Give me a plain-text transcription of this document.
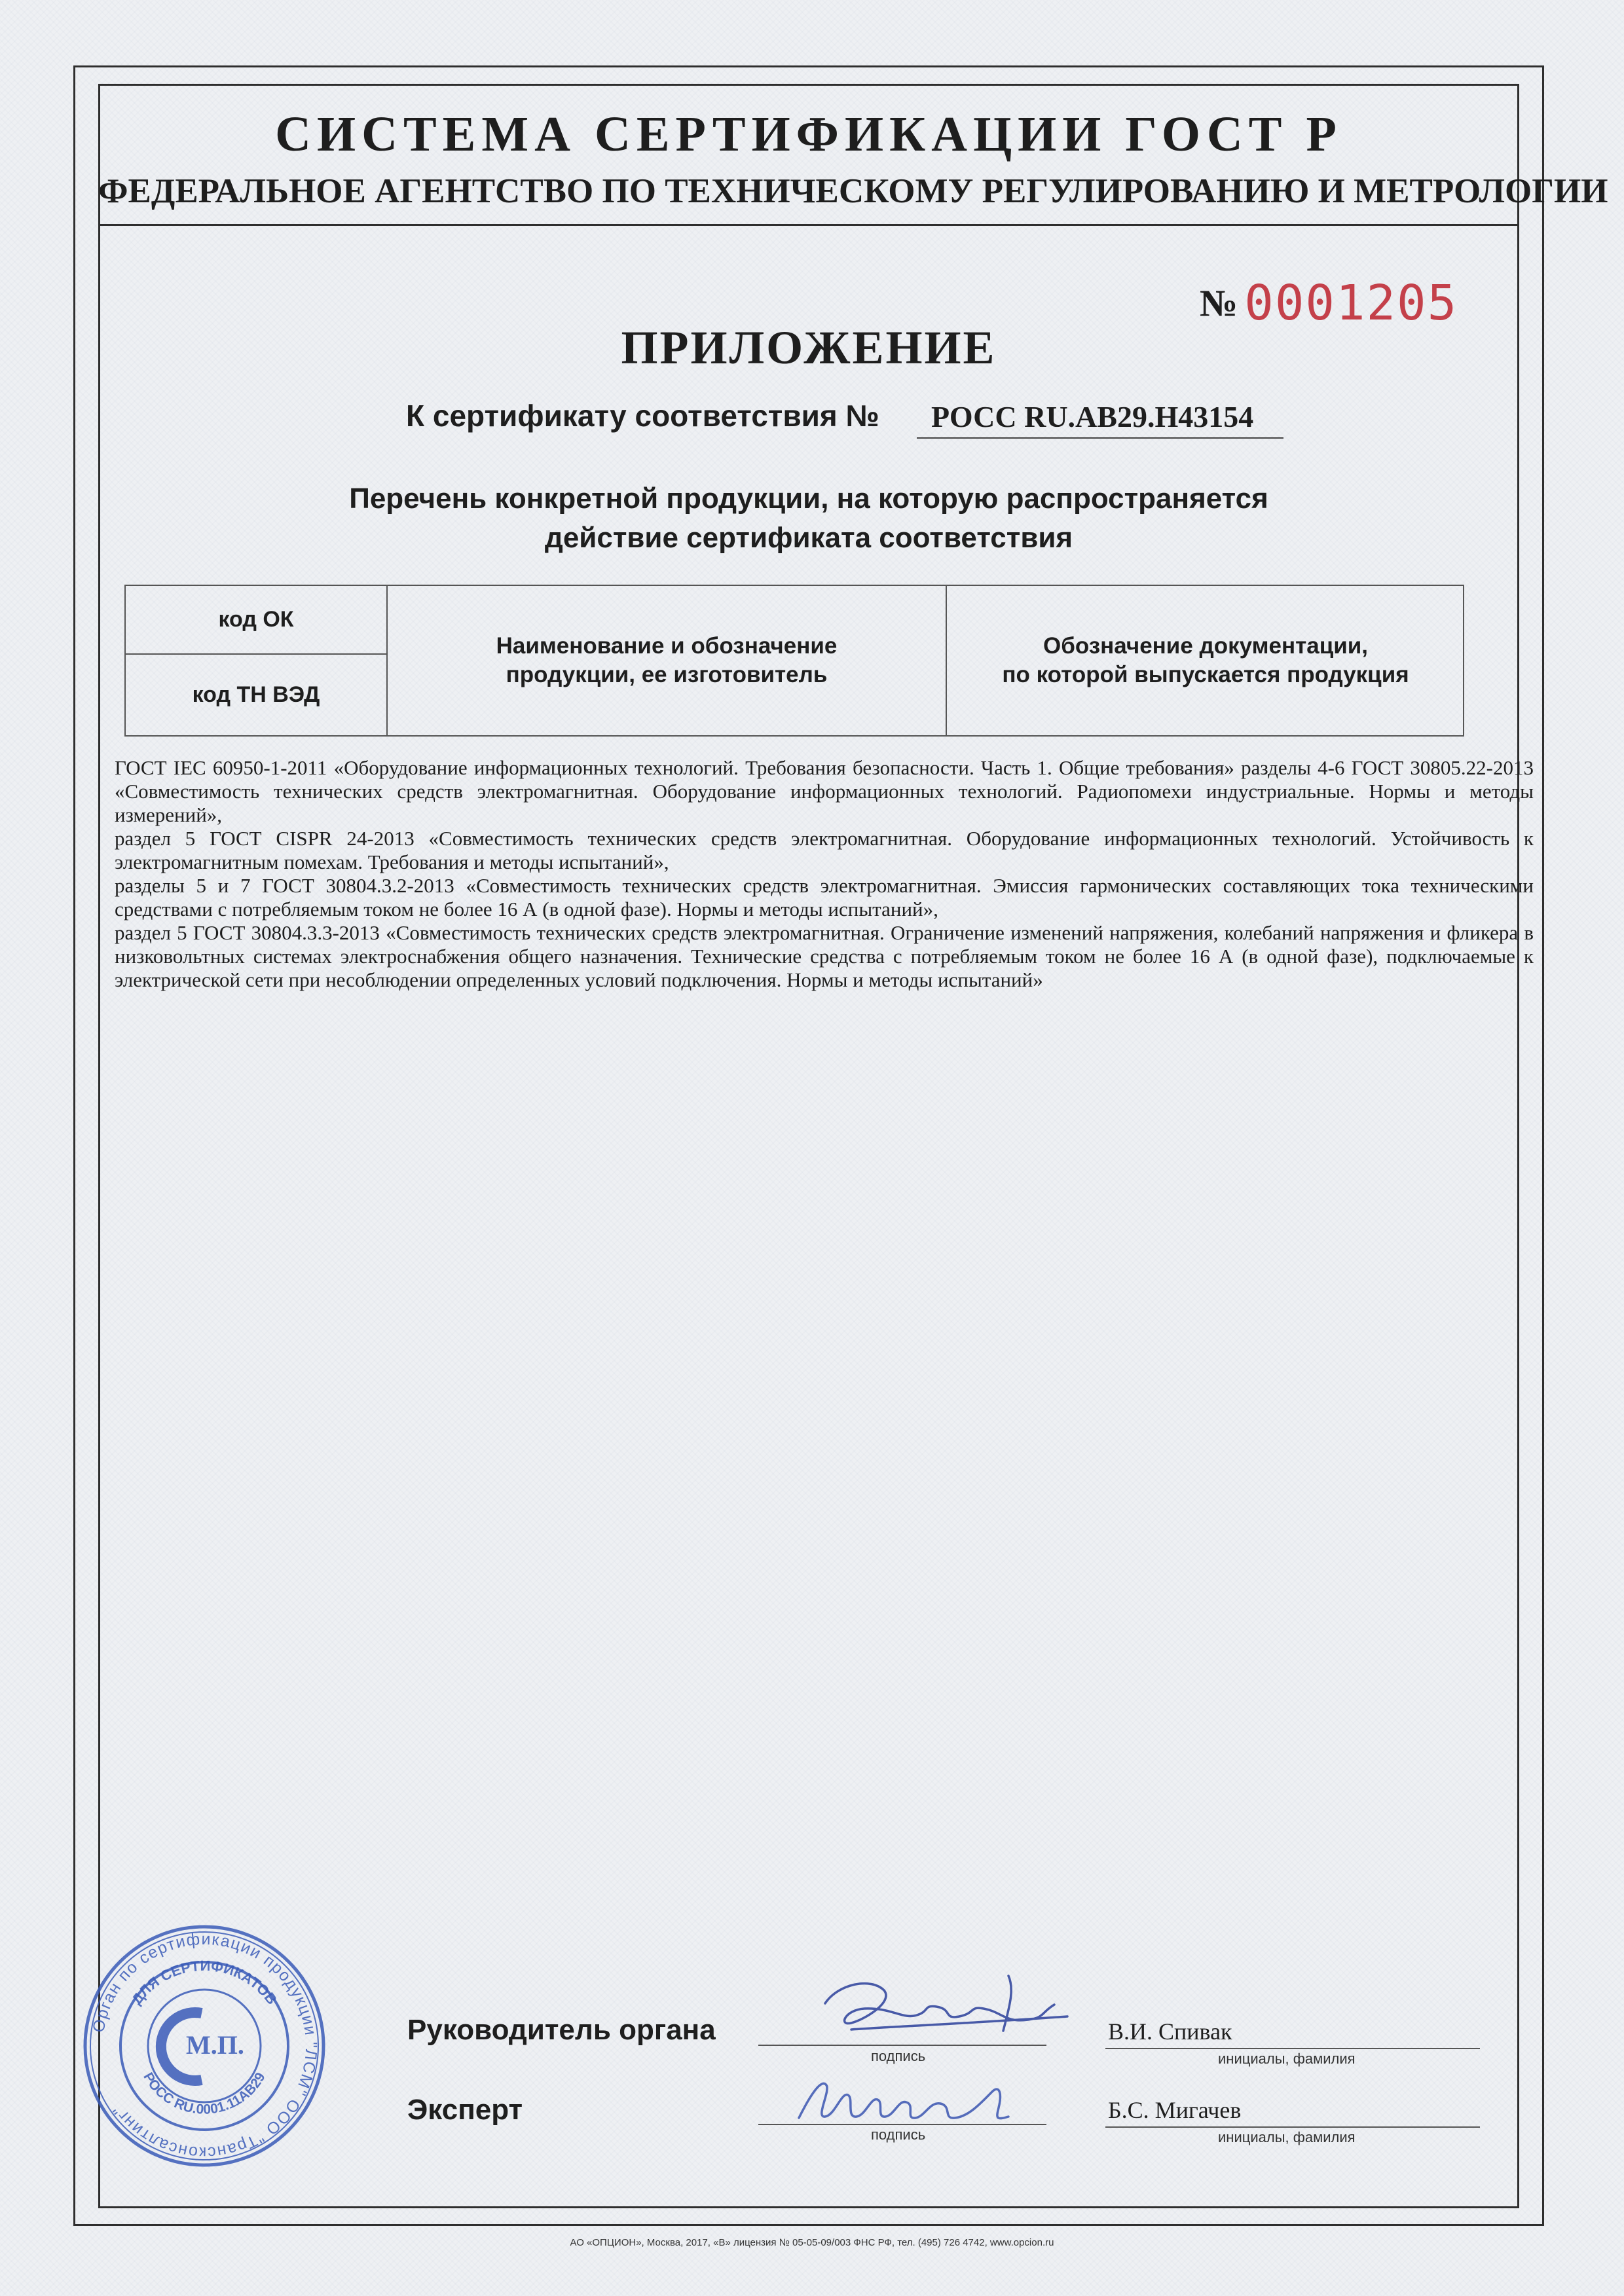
СИСТЕМА СЕРТИФИКАЦИИ ГОСТ Р
ФЕДЕРАЛЬНОЕ АГЕНТСТВО ПО ТЕХНИЧЕСКОМУ РЕГУЛИРОВАНИЮ И МЕТРОЛОГИИ
№ 0001205
ПРИЛОЖЕНИЕ
К сертификату соответствия № РОСС RU.АВ29.Н43154
Перечень конкретной продукции, на которую распространяется
действие сертификата соответствия
код ОК
код ТН ВЭД
Наименование и обозначение
продукции, ее изготовитель
Обозначение документации,
по которой выпускается продукция

ГОСТ IEC 60950-1-2011 «Оборудование информационных технологий. Требования безопасности. Часть 1. Общие требования» разделы 4-6 ГОСТ 30805.22-2013 «Совместимость технических средств электромагнитная. Оборудование информационных технологий. Радиопомехи индустриальные. Нормы и методы измерений»,

раздел 5 ГОСТ CISPR 24-2013 «Совместимость технических средств электромагнитная. Оборудование информационных технологий. Устойчивость к электромагнитным помехам. Требования и методы испытаний»,

разделы 5 и 7 ГОСТ 30804.3.2-2013 «Совместимость технических средств электромагнитная. Эмиссия гармонических составляющих тока техническими средствами с потребляемым током не более 16 А (в одной фазе). Нормы и методы испытаний»,

раздел 5 ГОСТ 30804.3.3-2013 «Совместимость технических средств электромагнитная. Ограничение изменений напряжения, колебаний напряжения и фликера в низковольтных системах электроснабжения общего назначения. Технические средства с потребляемым током не более 16 А (в одной фазе), подключаемые к электрической сети при несоблюдении определенных условий подключения. Нормы и методы испытаний»

Орган по сертификации продукции "ЛСМ" ООО "Трансконсалтинг"
ДЛЯ СЕРТИФИКАТОВ
РОСС RU.0001.11АВ29
М.П.	Руководитель органа
подпись
В.И. Спивак
инициалы, фамилия
Эксперт
подпись
Б.С. Мигачев
инициалы, фамилия
АО «ОПЦИОН», Москва, 2017, «В» лицензия № 05-05-09/003 ФНС РФ, тел. (495) 726 4742, www.opcion.ru
